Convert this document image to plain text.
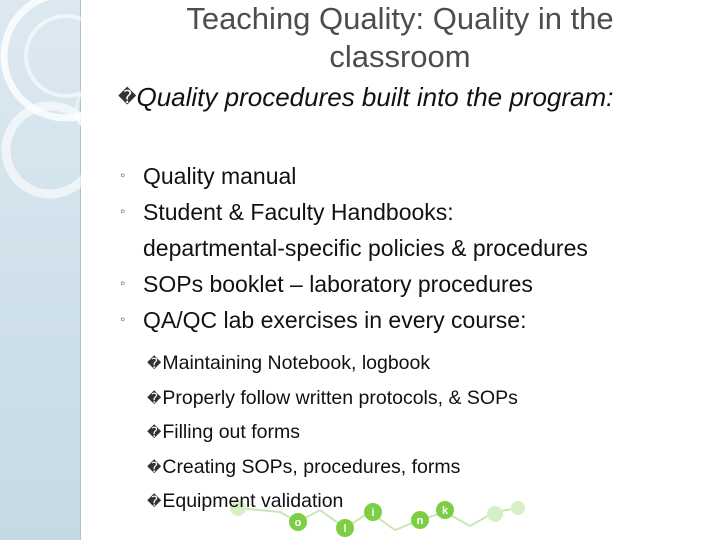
Teaching Quality: Quality in the classroom
�Quality procedures built into the program:
◦ Quality manual
◦ Student & Faculty Handbooks:
departmental-specific policies & procedures
◦ SOPs booklet – laboratory procedures
◦ QA/QC lab exercises in every course:
o	l
i
n
k
�Maintaining Notebook, logbook
�Properly follow written protocols, & SOPs
�Filling out forms
�Creating SOPs, procedures, forms
�Equipment validation
